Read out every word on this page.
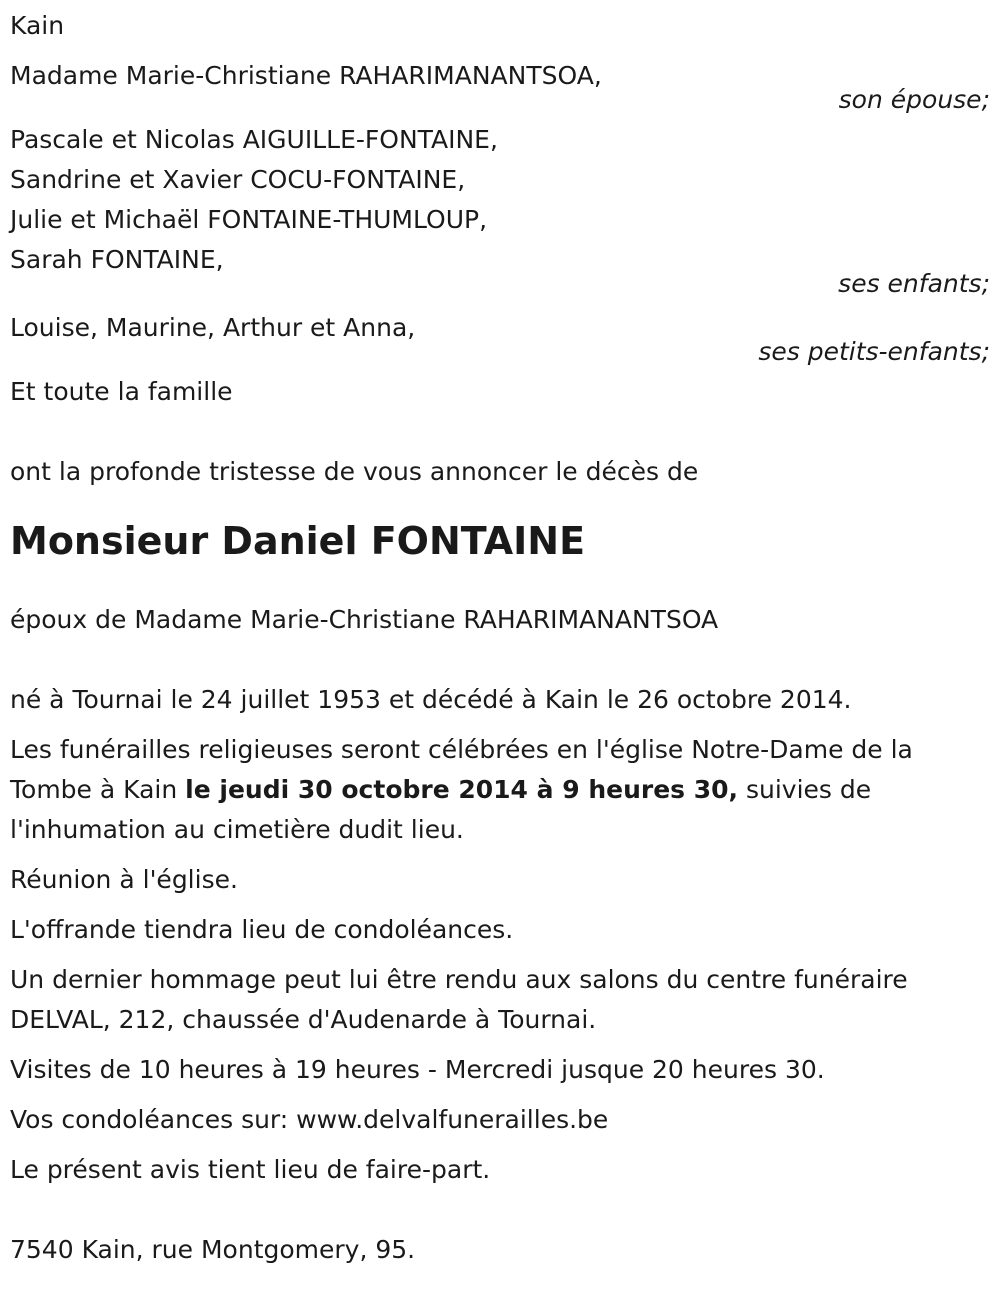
Kain
Madame Marie-Christiane RAHARIMANANTSOA,
son épouse;
Pascale et Nicolas AIGUILLE-FONTAINE,
Sandrine et Xavier COCU-FONTAINE,
Julie et Michaël FONTAINE-THUMLOUP,
Sarah FONTAINE,
ses enfants;
Louise, Maurine, Arthur et Anna,
ses petits-enfants;
Et toute la famille
ont la profonde tristesse de vous annoncer le décès de
Monsieur Daniel FONTAINE
époux de Madame Marie-Christiane RAHARIMANANTSOA
né à Tournai le 24 juillet 1953 et décédé à Kain le 26 octobre 2014.

Les funérailles religieuses seront célébrées en l'église Notre-Dame de la Tombe à Kain le jeudi 30 octobre 2014 à 9 heures 30, suivies de l'inhumation au cimetière dudit lieu.

Réunion à l'église.
L'offrande tiendra lieu de condoléances.

Un dernier hommage peut lui être rendu aux salons du centre funéraire DELVAL, 212, chaussée d'Audenarde à Tournai.

Visites de 10 heures à 19 heures - Mercredi jusque 20 heures 30.
Vos condoléances sur: www.delvalfunerailles.be
Le présent avis tient lieu de faire-part.
7540 Kain, rue Montgomery, 95.
